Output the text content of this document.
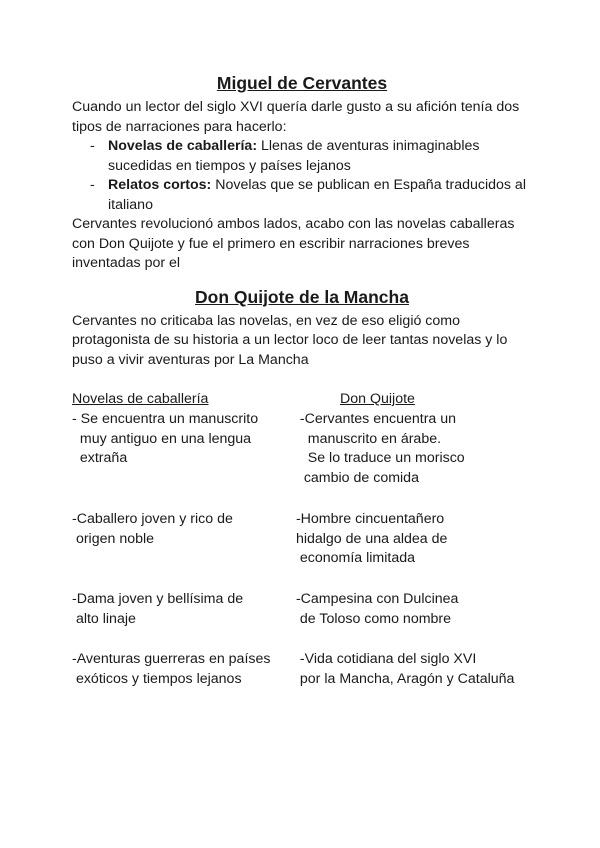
Miguel de Cervantes

Cuando un lector del siglo XVI quería darle gusto a su afición tenía dos tipos de narraciones para hacerlo:

- Novelas de caballería: Llenas de aventuras inimaginables sucedidas en tiempos y países lejanos
- Relatos cortos: Novelas que se publican en España traducidos al italiano

Cervantes revolucionó ambos lados, acabo con las novelas caballeras con Don Quijote y fue el primero en escribir narraciones breves inventadas por el

Don Quijote de la Mancha

Cervantes no criticaba las novelas, en vez de eso eligió como protagonista de su historia a un lector loco de leer tantas novelas y lo puso a vivir aventuras por La Mancha

Novelas de caballería	Don Quijote
- Se encuentra un manuscrito
muy antiguo en una lengua
extraña
-Cervantes encuentra un
manuscrito en árabe.
Se lo traduce un morisco
cambio de comida
-Caballero joven y rico de
origen noble
-Hombre cincuentañero
hidalgo de una aldea de
economía limitada
-Dama joven y bellísima de
alto linaje
-Campesina con Dulcinea
de Toloso como nombre
-Aventuras guerreras en países
exóticos y tiempos lejanos
-Vida cotidiana del siglo XVI
por la Mancha, Aragón y Cataluña
